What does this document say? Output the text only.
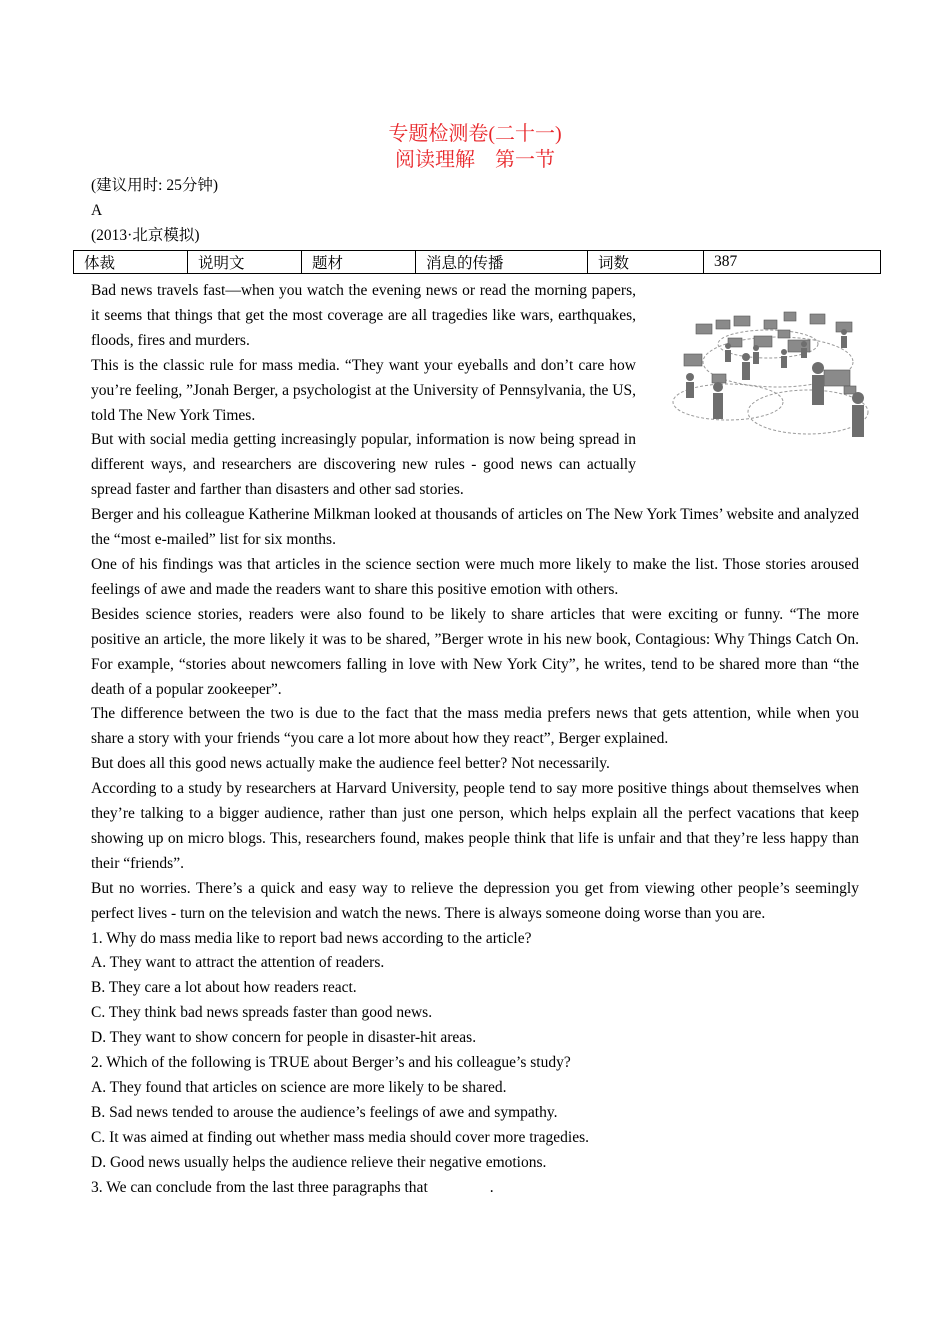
专题检测卷(二十一)
阅读理解　第一节
(建议用时: 25分钟)
A
(2013·北京模拟)
体裁	说明文	题材	消息的传播	词数	387

Bad news travels fast—when you watch the evening news or read the morning papers, it seems that things that get the most coverage are all tragedies like wars, earthquakes, floods, fires and murders.

This is the classic rule for mass media. “They want your eyeballs and don’t care how you’re feeling, ”Jonah Berger, a psychologist at the University of Pennsylvania, the US, told The New York Times.

But with social media getting increasingly popular, information is now being spread in different ways, and researchers are discovering new rules - good news can actually spread faster and farther than disasters and other sad stories.

Berger and his colleague Katherine Milkman looked at thousands of articles on The New York Times’ website and analyzed the “most e-mailed” list for six months.

One of his findings was that articles in the science section were much more likely to make the list. Those stories aroused feelings of awe and made the readers want to share this positive emotion with others.

Besides science stories, readers were also found to be likely to share articles that were exciting or funny. “The more positive an article, the more likely it was to be shared, ”Berger wrote in his new book, Contagious: Why Things Catch On. For example, “stories about newcomers falling in love with New York City”, he writes, tend to be shared more than “the death of a popular zookeeper”.

The difference between the two is due to the fact that the mass media prefers news that gets attention, while when you share a story with your friends “you care a lot more about how they react”, Berger explained.

But does all this good news actually make the audience feel better? Not necessarily.

According to a study by researchers at Harvard University, people tend to say more positive things about themselves when they’re talking to a bigger audience, rather than just one person, which helps explain all the perfect vacations that keep showing up on micro blogs. This, researchers found, makes people think that life is unfair and that they’re less happy than their “friends”.

But no worries. There’s a quick and easy way to relieve the depression you get from viewing other people’s seemingly perfect lives - turn on the television and watch the news. There is always someone doing worse than you are.

1. Why do mass media like to report bad news according to the article?

A. They want to attract the attention of readers.

B. They care a lot about how readers react.

C. They think bad news spreads faster than good news.

D. They want to show concern for people in disaster-hit areas.

2. Which of the following is TRUE about Berger’s and his colleague’s study?

A. They found that articles on science are more likely to be shared.

B. Sad news tended to arouse the audience’s feelings of awe and sympathy.

C. It was aimed at finding out whether mass media should cover more tragedies.

D. Good news usually helps the audience relieve their negative emotions.

3. We can conclude from the last three paragraphs that　　　　.
